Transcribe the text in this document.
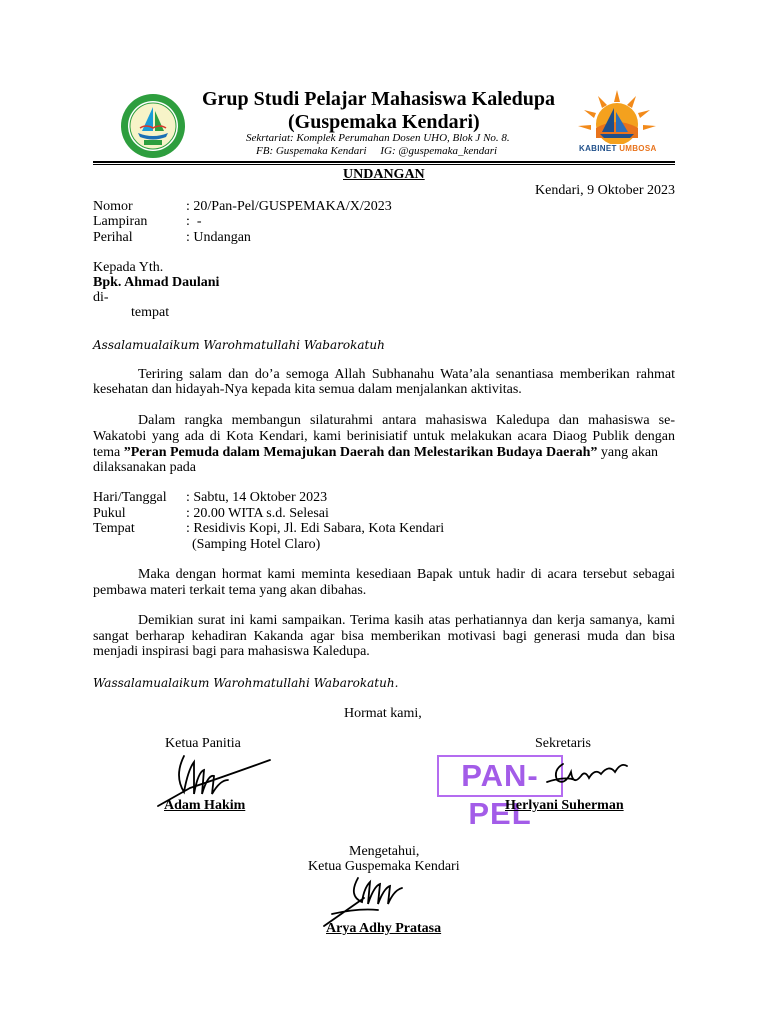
Grup Studi Pelajar Mahasiswa Kaledupa
(Guspemaka Kendari)
Sekrtariat: Komplek Perumahan Dosen UHO, Blok J No. 8.
FB: Guspemaka Kendari     IG: @guspemaka_kendari	KABINET UMBOSA
UNDANGAN
Kendari, 9 Oktober 2023
Nomor	: 20/Pan-Pel/GUSPEMAKA/X/2023
Lampiran	:  -
Perihal	: Undangan
Kepada Yth.
Bpk. Ahmad Daulani
di-
tempat
Assalamualaikum Warohmatullahi Wabarokatuh
Teriring salam dan do’a semoga Allah Subhanahu Wata’ala senantiasa memberikan rahmat
kesehatan dan hidayah-Nya kepada kita semua dalam menjalankan aktivitas.
Dalam rangka membangun silaturahmi antara mahasiswa Kaledupa dan mahasiswa se-
Wakatobi yang ada di Kota Kendari, kami berinisiatif untuk melakukan acara Diaog Publik dengan
tema ”Peran Pemuda dalam Memajukan Daerah dan Melestarikan Budaya Daerah” yang akan
dilaksanakan pada
Hari/Tanggal : Sabtu, 14 Oktober 2023
Pukul	: 20.00 WITA s.d. Selesai
Tempat	: Residivis Kopi, Jl. Edi Sabara, Kota Kendari
(Samping Hotel Claro)
Maka dengan hormat kami meminta kesediaan Bapak untuk hadir di acara tersebut sebagai
pembawa materi terkait tema yang akan dibahas.
Demikian surat ini kami sampaikan. Terima kasih atas perhatiannya dan kerja samanya, kami
sangat berharap kehadiran Kakanda agar bisa memberikan motivasi bagi generasi muda dan bisa
menjadi inspirasi bagi para mahasiswa Kaledupa.
Wassalamualaikum Warohmatullahi Wabarokatuh.
Hormat kami,
Ketua Panitia	Sekretaris
Adam Hakim
PAN-PEL
Herlyani Suherman
Mengetahui,
Ketua Guspemaka Kendari
Arya Adhy Pratasa
